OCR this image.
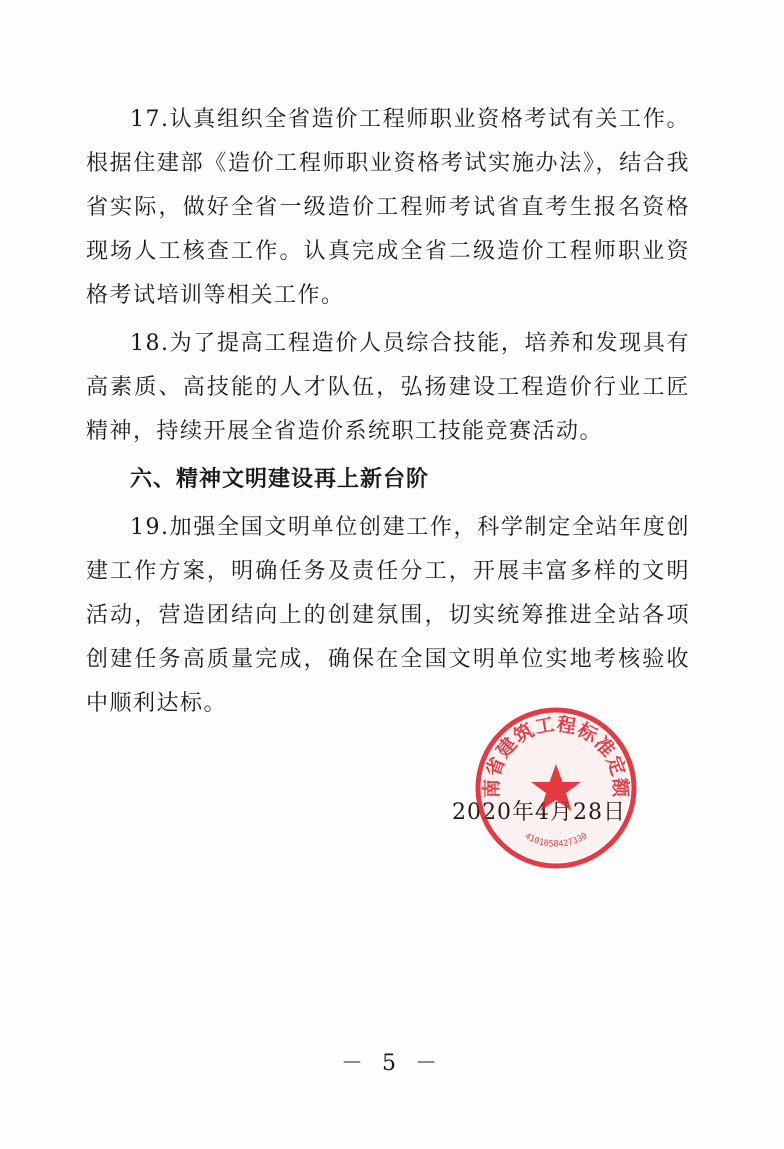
17.认真组织全省造价工程师职业资格考试有关工作。根据住建部《造价工程师职业资格考试实施办法》，结合我省实际，做好全省一级造价工程师考试省直考生报名资格现场人工核查工作。认真完成全省二级造价工程师职业资格考试培训等相关工作。

18.为了提高工程造价人员综合技能，培养和发现具有高素质、高技能的人才队伍，弘扬建设工程造价行业工匠精神，持续开展全省造价系统职工技能竞赛活动。

六、精神文明建设再上新台阶

19.加强全国文明单位创建工作，科学制定全站年度创建工作方案，明确任务及责任分工，开展丰富多样的文明活动，营造团结向上的创建氛围，切实统筹推进全站各项创建任务高质量完成，确保在全国文明单位实地考核验收中顺利达标。

2020年4月28日
南省建筑工程标准定额
4101058427330
－ 5 －
